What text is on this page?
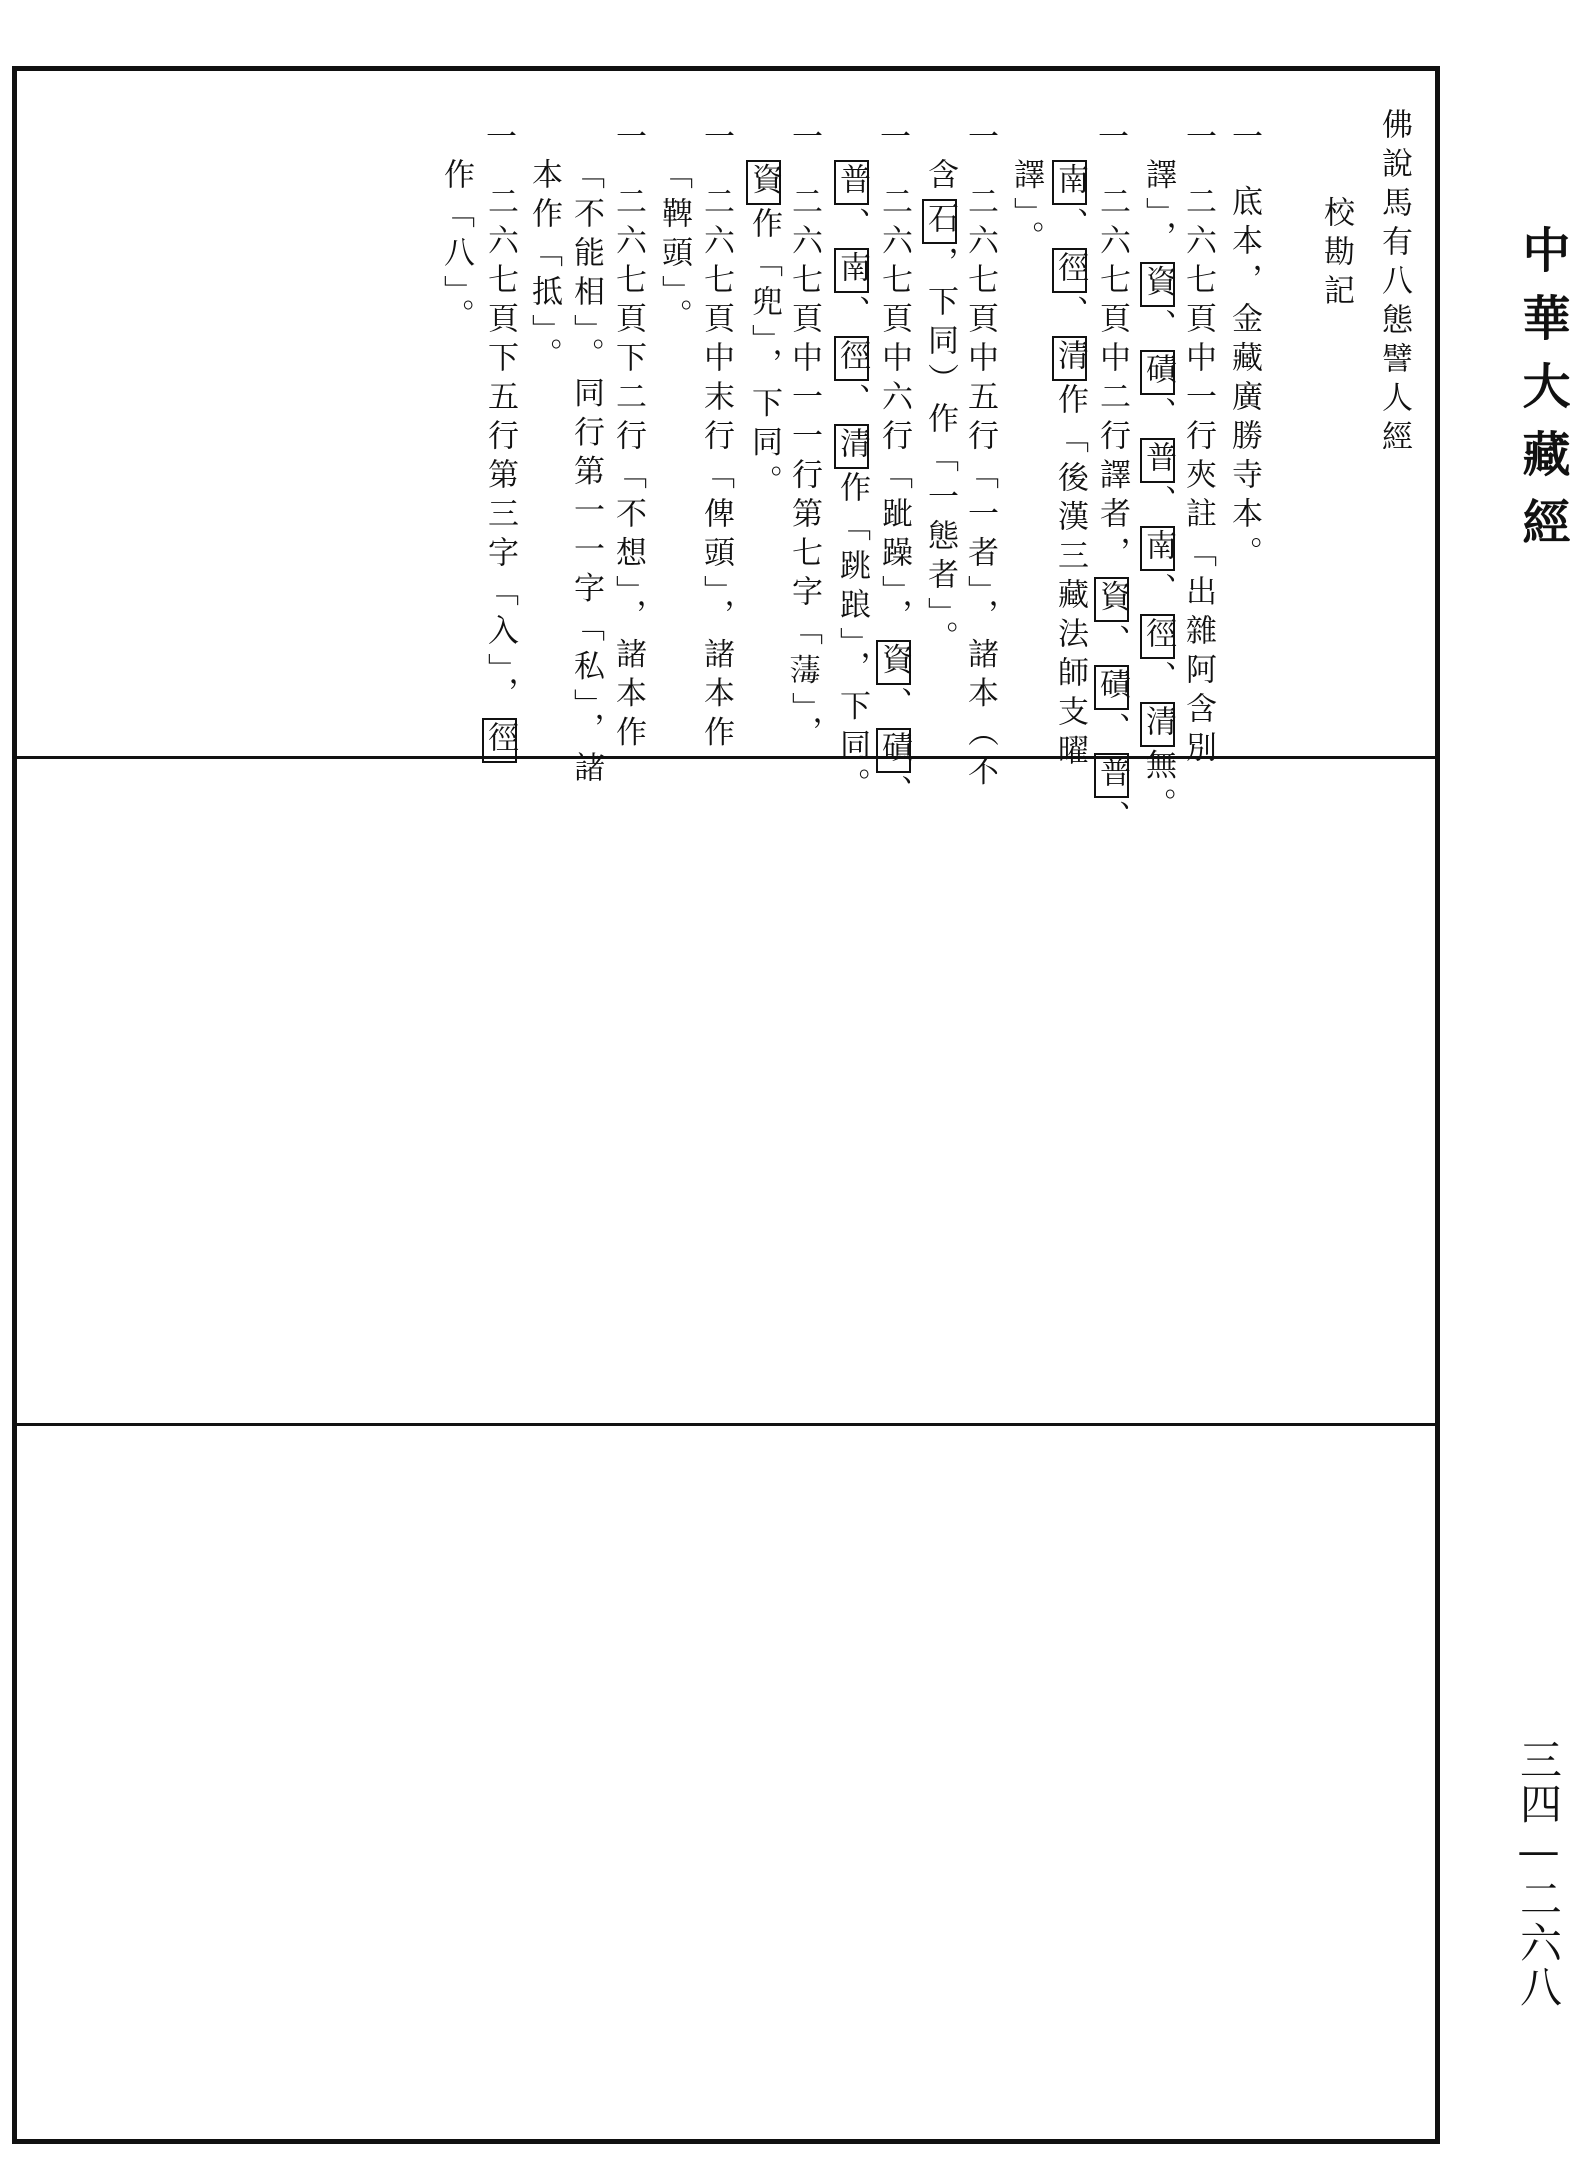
中華大藏經
三四—二六八
佛說馬有八態譬人經
校勘記
一
底本，金藏廣勝寺本。
一
二六七頁中一行夾註「出雜阿含別
譯」，資、磧、普、南、徑、清無。
一
二六七頁中二行譯者，資、磧、普、
南、徑、清作「後漢三藏法師支曜
譯」。
一
二六七頁中五行「一者」，諸本（不
含石，下同）作「一態者」。
一
二六七頁中六行「跐躁」，資、磧、
普、南、徑、清作「跳踉」，下同。
一
二六七頁中一一行第七字「𦺇」，
資作「兜」，下同。
一
二六七頁中末行「俾頭」，諸本作
「鞞頭」。
一
二六七頁下二行「不想」，諸本作
「不能相」。同行第一一字「私」，諸
本作「抵」。
一
二六七頁下五行第三字「入」，徑
作「八」。
